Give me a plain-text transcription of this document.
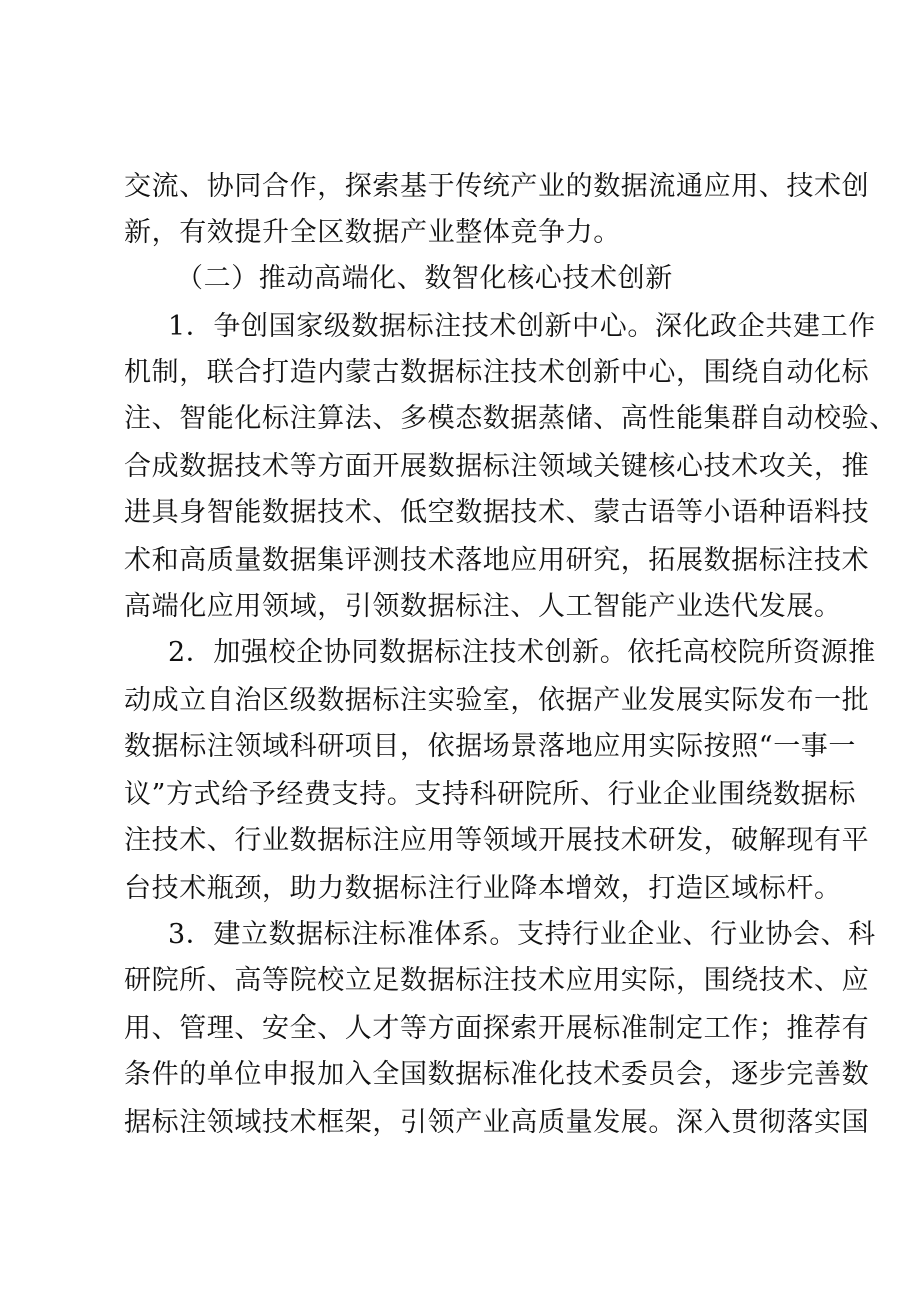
交流、协同合作，探索基于传统产业的数据流通应用、技术创
新，有效提升全区数据产业整体竞争力。
（二）推动高端化、数智化核心技术创新
1．争创国家级数据标注技术创新中心。深化政企共建工作
机制，联合打造内蒙古数据标注技术创新中心，围绕自动化标
注、智能化标注算法、多模态数据蒸储、高性能集群自动校验、
合成数据技术等方面开展数据标注领域关键核心技术攻关，推
进具身智能数据技术、低空数据技术、蒙古语等小语种语料技
术和高质量数据集评测技术落地应用研究，拓展数据标注技术
高端化应用领域，引领数据标注、人工智能产业迭代发展。
2．加强校企协同数据标注技术创新。依托高校院所资源推
动成立自治区级数据标注实验室，依据产业发展实际发布一批
数据标注领域科研项目，依据场景落地应用实际按照“一事一
议”方式给予经费支持。支持科研院所、行业企业围绕数据标
注技术、行业数据标注应用等领域开展技术研发，破解现有平
台技术瓶颈，助力数据标注行业降本增效，打造区域标杆。
3．建立数据标注标准体系。支持行业企业、行业协会、科
研院所、高等院校立足数据标注技术应用实际，围绕技术、应
用、管理、安全、人才等方面探索开展标准制定工作；推荐有
条件的单位申报加入全国数据标准化技术委员会，逐步完善数
据标注领域技术框架，引领产业高质量发展。深入贯彻落实国
